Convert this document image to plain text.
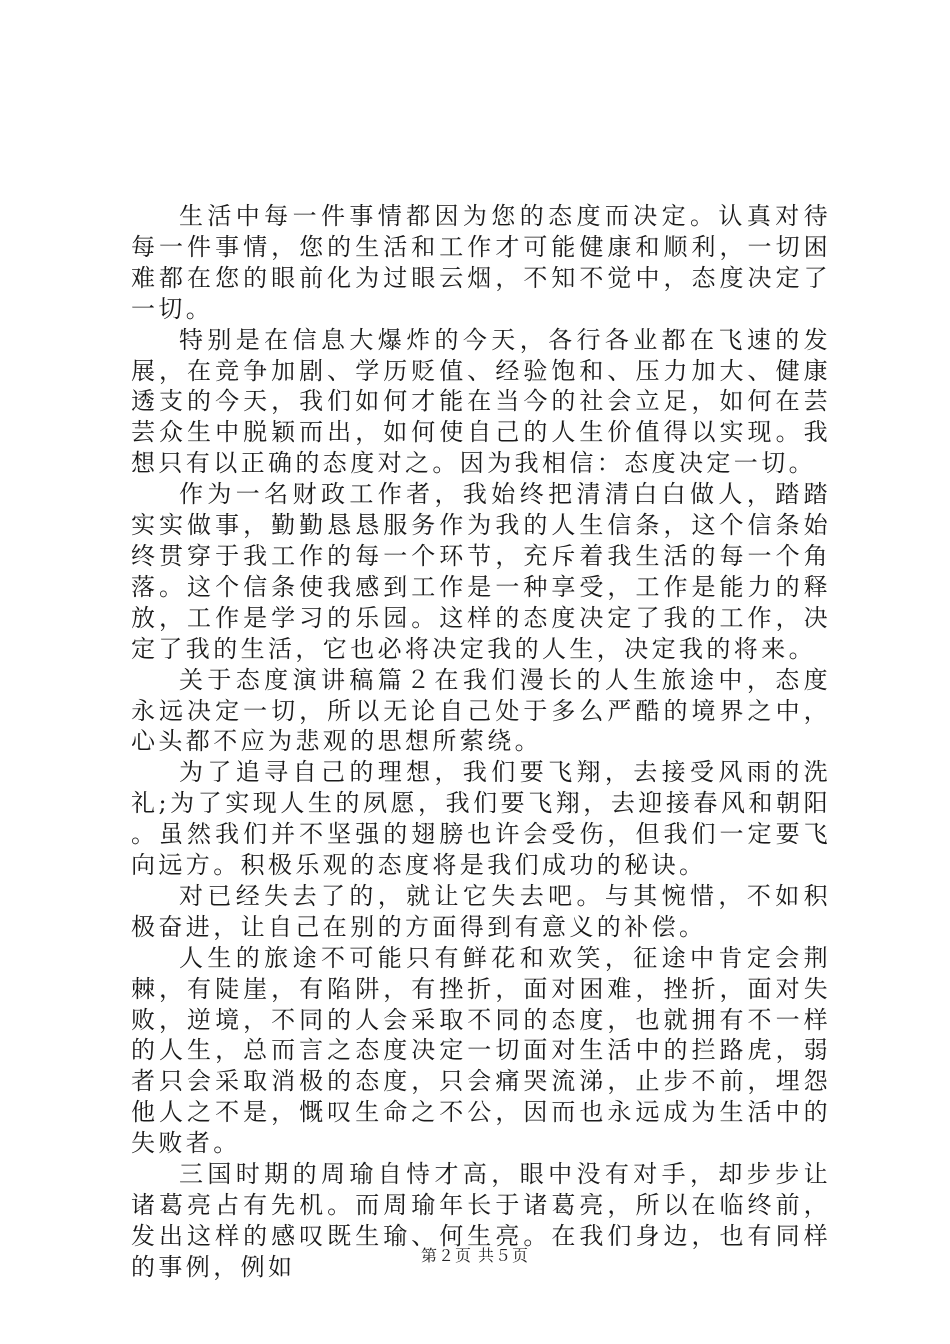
生活中每一件事情都因为您的态度而决定。认真对待每一件事情，您的生活和工作才可能健康和顺利，一切困难都在您的眼前化为过眼云烟，不知不觉中，态度决定了一切。

特别是在信息大爆炸的今天，各行各业都在飞速的发展，在竞争加剧、学历贬值、经验饱和、压力加大、健康透支的今天，我们如何才能在当今的社会立足，如何在芸芸众生中脱颖而出，如何使自己的人生价值得以实现。我想只有以正确的态度对之。因为我相信：态度决定一切。

作为一名财政工作者，我始终把清清白白做人，踏踏实实做事，勤勤恳恳服务作为我的人生信条，这个信条始终贯穿于我工作的每一个环节，充斥着我生活的每一个角落。这个信条使我感到工作是一种享受，工作是能力的释放，工作是学习的乐园。这样的态度决定了我的工作，决定了我的生活，它也必将决定我的人生，决定我的将来。

关于态度演讲稿篇２在我们漫长的人生旅途中，态度永远决定一切，所以无论自己处于多么严酷的境界之中，心头都不应为悲观的思想所萦绕。

为了追寻自己的理想，我们要飞翔，去接受风雨的洗礼;为了实现人生的夙愿，我们要飞翔，去迎接春风和朝阳。虽然我们并不坚强的翅膀也许会受伤，但我们一定要飞向远方。积极乐观的态度将是我们成功的秘诀。

对已经失去了的，就让它失去吧。与其惋惜，不如积极奋进，让自己在别的方面得到有意义的补偿。

人生的旅途不可能只有鲜花和欢笑，征途中肯定会荆棘，有陡崖，有陷阱，有挫折，面对困难，挫折，面对失败，逆境，不同的人会采取不同的态度，也就拥有不一样的人生，总而言之态度决定一切面对生活中的拦路虎，弱者只会采取消极的态度，只会痛哭流涕，止步不前，埋怨他人之不是，慨叹生命之不公，因而也永远成为生活中的失败者。

三国时期的周瑜自恃才高，眼中没有对手，却步步让诸葛亮占有先机。而周瑜年长于诸葛亮，所以在临终前，发出这样的感叹既生瑜、何生亮。在我们身边，也有同样的事例，例如	第２页 共５页
